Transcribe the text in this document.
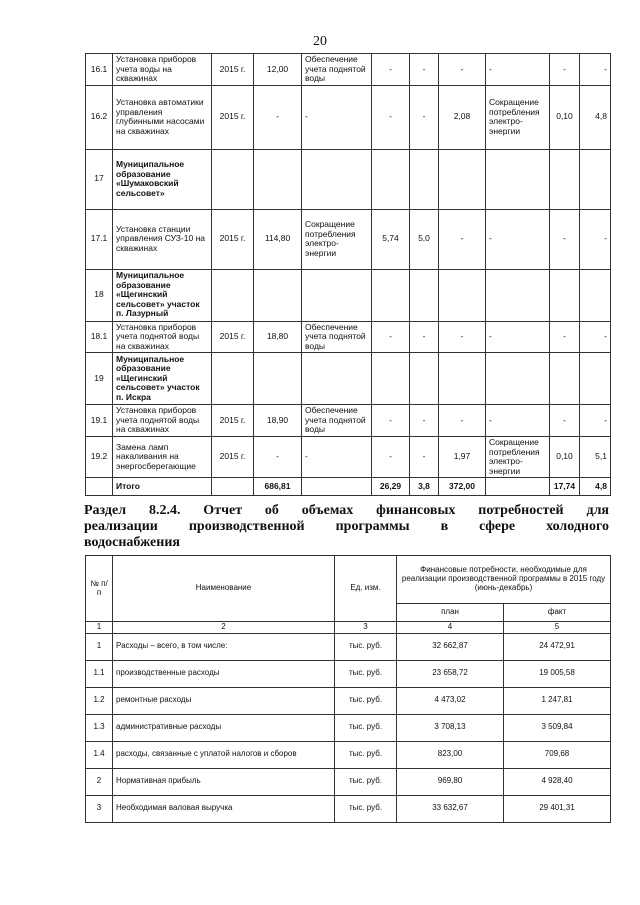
20
16.1	Установка приборов учета воды на скважинах	2015 г.	12,00	Обеспечение учета поднятой воды	-	-	-	-	-	-
16.2	Установка автоматики управления глубинными насосами на скважинах	2015 г.	-	-	-	-	2,08	Сокращение потребления электро-энергии	0,10	4,8
17	Муниципальное образование «Шумаковский сельсовет»									
17.1	Установка станции управления СУЗ-10 на скважинах	2015 г.	114,80	Сокращение потребления электро-энергии	5,74	5,0	-	-	-	-
18	Муниципальное образование «Щегинский сельсовет» участок п. Лазурный									
18.1	Установка приборов учета поднятой воды на скважинах	2015 г.	18,80	Обеспечение учета поднятой воды	-	-	-	-	-	-
19	Муниципальное образование «Щегинский сельсовет» участок п. Искра									
19.1	Установка приборов учета поднятой воды на скважинах	2015 г.	18,90	Обеспечение учета поднятой воды	-	-	-	-	-	-
19.2	Замена ламп накаливания на энергосберегающие	2015 г.	-	-	-	-	1,97	Сокращение потребления электро-энергии	0,10	5,1
	Итого		686,81		26,29	3,8	372,00		17,74	4,8
Раздел 8.2.4. Отчет об объемах финансовых потребностей для
реализации производственной программы в сфере холодного
водоснабжения
№ п/п	Наименование	Ед. изм.	Финансовые потребности, необходимые для реализации производственной программы в 2015 году (июнь-декабрь)	
			план	факт
1	2	3	4	5
1	Расходы – всего, в том числе:	тыс. руб.	32 662,87	24 472,91
1.1	производственные расходы	тыс. руб.	23 658,72	19 005,58
1.2	ремонтные расходы	тыс. руб.	4 473,02	1 247,81
1.3	административные расходы	тыс. руб.	3 708,13	3 509,84
1.4	расходы, связанные с уплатой налогов и сборов	тыс. руб.	823,00	709,68
2	Нормативная прибыль	тыс. руб.	969,80	4 928,40
3	Необходимая валовая выручка	тыс. руб.	33 632,67	29 401,31
